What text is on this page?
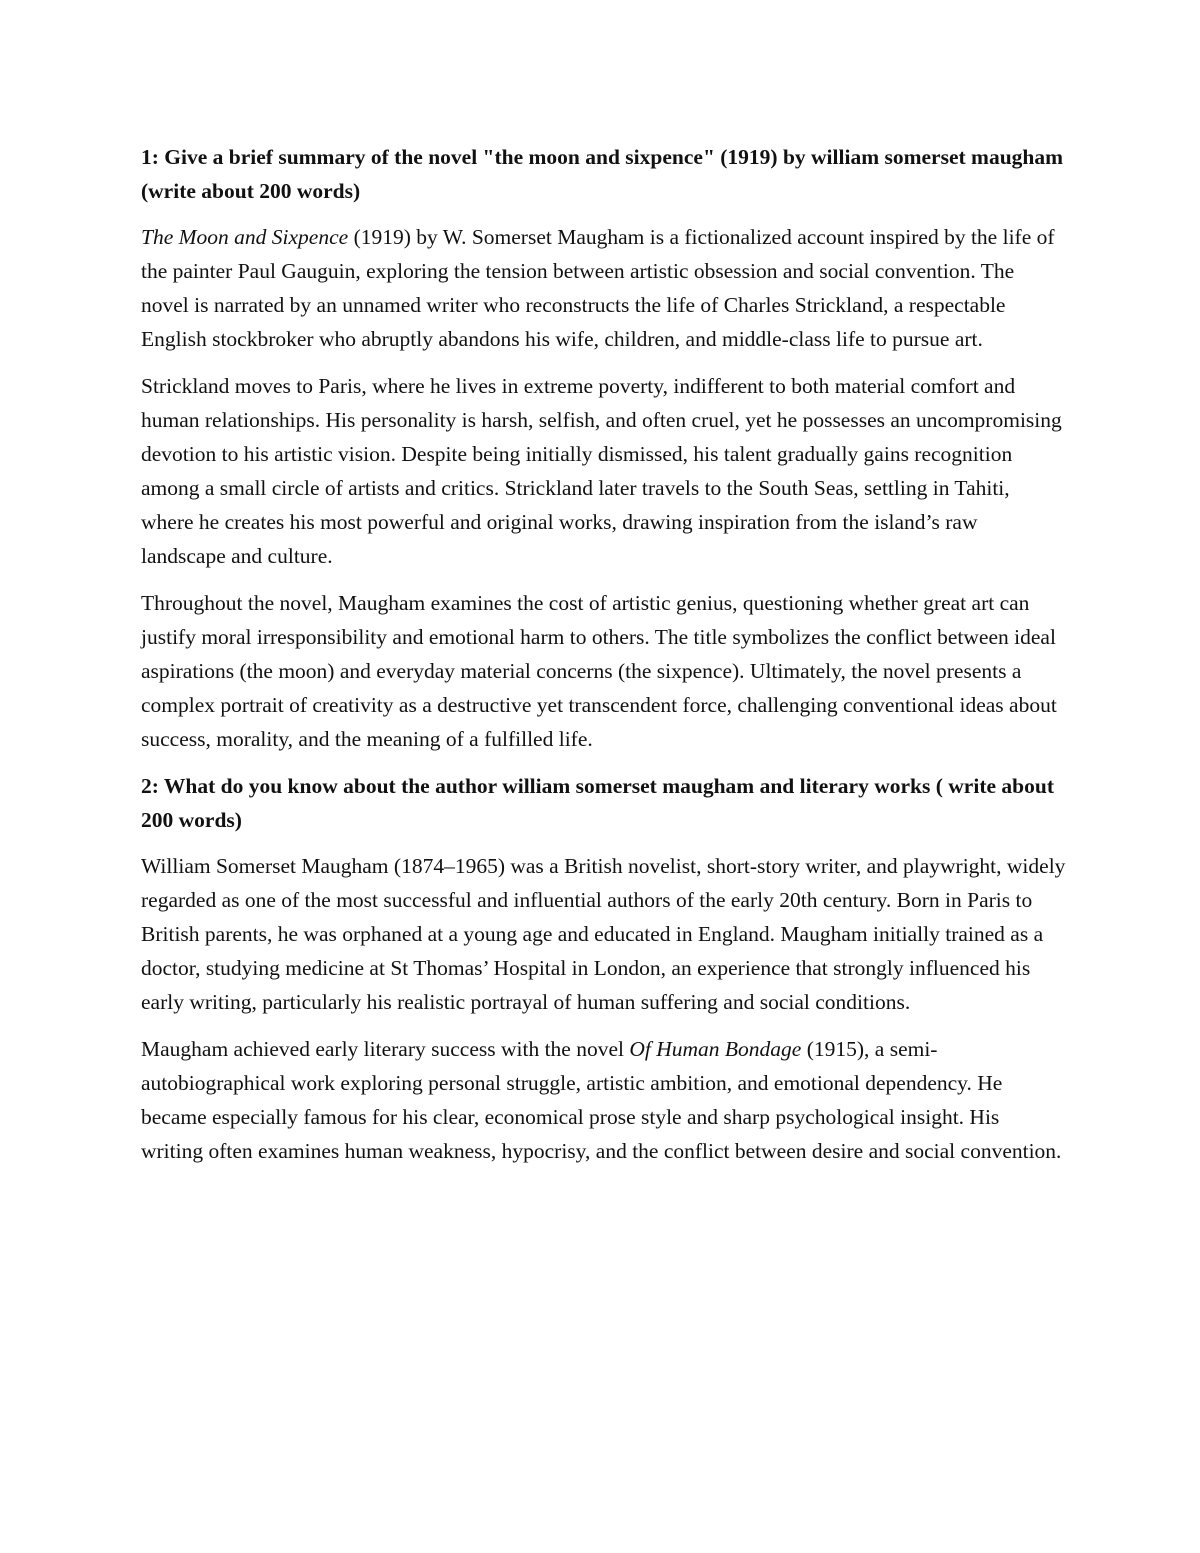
1: Give a brief summary of the novel "the moon and sixpence" (1919) by william somerset maugham (write about 200 words)

The Moon and Sixpence (1919) by W. Somerset Maugham is a fictionalized account inspired by the life of the painter Paul Gauguin, exploring the tension between artistic obsession and social convention. The novel is narrated by an unnamed writer who reconstructs the life of Charles Strickland, a respectable English stockbroker who abruptly abandons his wife, children, and middle-class life to pursue art.

Strickland moves to Paris, where he lives in extreme poverty, indifferent to both material comfort and human relationships. His personality is harsh, selfish, and often cruel, yet he possesses an uncompromising devotion to his artistic vision. Despite being initially dismissed, his talent gradually gains recognition among a small circle of artists and critics. Strickland later travels to the South Seas, settling in Tahiti, where he creates his most powerful and original works, drawing inspiration from the island’s raw landscape and culture.

Throughout the novel, Maugham examines the cost of artistic genius, questioning whether great art can justify moral irresponsibility and emotional harm to others. The title symbolizes the conflict between ideal aspirations (the moon) and everyday material concerns (the sixpence). Ultimately, the novel presents a complex portrait of creativity as a destructive yet transcendent force, challenging conventional ideas about success, morality, and the meaning of a fulfilled life.

2: What do you know about the author william somerset maugham and literary works ( write about 200 words)

William Somerset Maugham (1874–1965) was a British novelist, short-story writer, and playwright, widely regarded as one of the most successful and influential authors of the early 20th century. Born in Paris to British parents, he was orphaned at a young age and educated in England. Maugham initially trained as a doctor, studying medicine at St Thomas’ Hospital in London, an experience that strongly influenced his early writing, particularly his realistic portrayal of human suffering and social conditions.

Maugham achieved early literary success with the novel Of Human Bondage (1915), a semi-autobiographical work exploring personal struggle, artistic ambition, and emotional dependency. He became especially famous for his clear, economical prose style and sharp psychological insight. His writing often examines human weakness, hypocrisy, and the conflict between desire and social convention.
